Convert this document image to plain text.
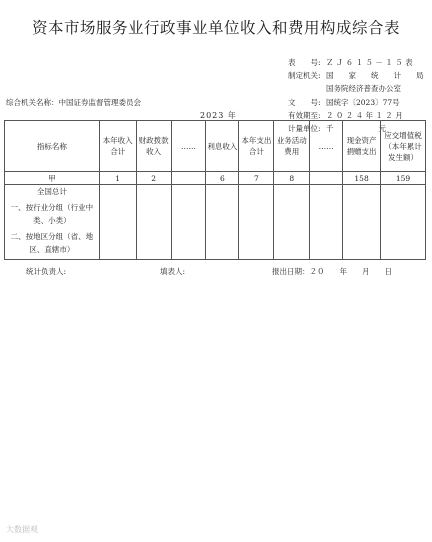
资本市场服务业行政事业单位收入和费用构成综合表
表　　号: Ｚ Ｊ ６ １ ５ － １ ５ 表
制定机关: 国　　家　　统　　计　　局
国务院经济普查办公室
文　　号: 国统字〔2023〕77号
有效期至: ２ ０ ２ ４ 年 １ ２ 月
计量单位: 千　　　　　　元
综合机关名称：中国证券监督管理委员会
2023 年
指标名称	本年收入合计	财政拨款收入	……	利息收入	本年支出合计	业务活动费用	……	现金资产捐赠支出	应交增值税（本年累计发生额）
甲	1	2		6	7	8		158	159

全国总计
一、按行业分组（行业中类、小类）
二、按地区分组（省、地区、直辖市）									

统计负责人:	填表人:	报出日期：２０　　年　　月　　日
大数据观
